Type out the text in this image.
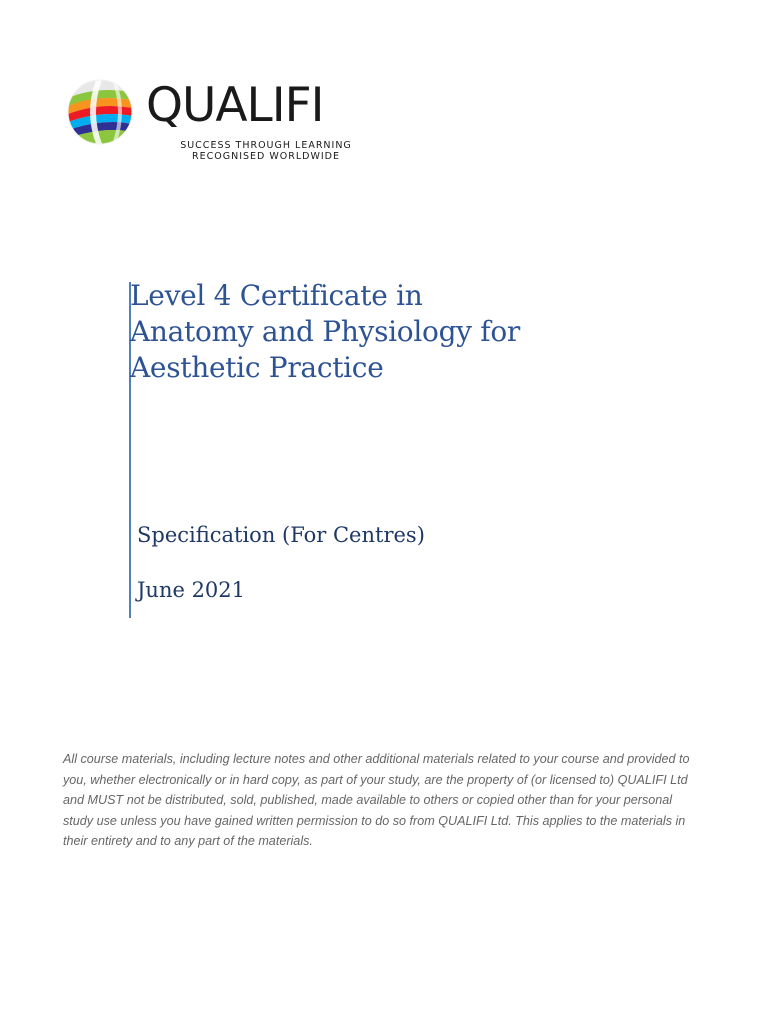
QUALIFI
SUCCESS THROUGH LEARNING
RECOGNISED WORLDWIDE
Level 4 Certificate in
Anatomy and Physiology for
Aesthetic Practice
Specification (For Centres)
June 2021

All course materials, including lecture notes and other additional materials related to your course and provided to you, whether electronically or in hard copy, as part of your study, are the property of (or licensed to) QUALIFI Ltd and MUST not be distributed, sold, published, made available to others or copied other than for your personal study use unless you have gained written permission to do so from QUALIFI Ltd. This applies to the materials in their entirety and to any part of the materials.
